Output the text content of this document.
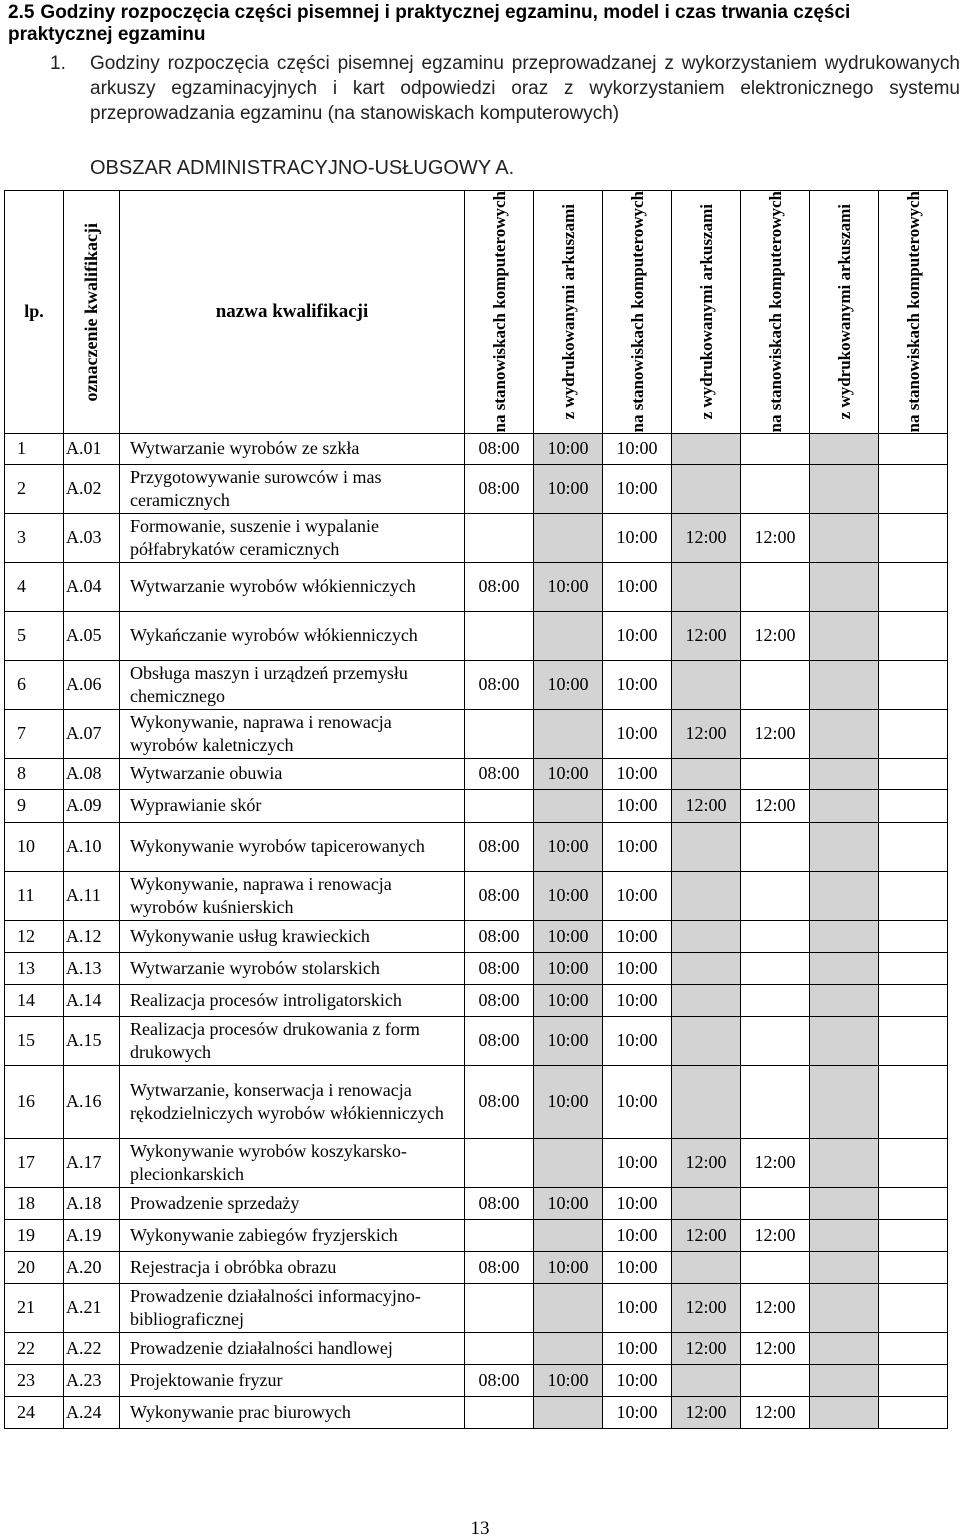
2.5 Godziny rozpoczęcia części pisemnej i praktycznej egzaminu, model i czas trwania części praktycznej egzaminu
1. Godziny rozpoczęcia części pisemnej egzaminu przeprowadzanej z wykorzystaniem wydrukowanych arkuszy egzaminacyjnych i kart odpowiedzi oraz z wykorzystaniem elektronicznego systemu przeprowadzania egzaminu (na stanowiskach komputerowych)
OBSZAR ADMINISTRACYJNO-USŁUGOWY A.
lp.	oznaczenie kwalifikacji	nazwa kwalifikacji	na stanowiskach komputerowych	z wydrukowanymi arkuszami	na stanowiskach komputerowych	z wydrukowanymi arkuszami	na stanowiskach komputerowych	z wydrukowanymi arkuszami	na stanowiskach komputerowych

1	A.01	Wytwarzanie wyrobów ze szkła	08:00	10:00	10:00				
2	A.02	Przygotowywanie surowców i mas ceramicznych	08:00	10:00	10:00				
3	A.03	Formowanie, suszenie i wypalanie półfabrykatów ceramicznych			10:00	12:00	12:00		
4	A.04	Wytwarzanie wyrobów włókienniczych	08:00	10:00	10:00				
5	A.05	Wykańczanie wyrobów włókienniczych			10:00	12:00	12:00		
6	A.06	Obsługa maszyn i urządzeń przemysłu chemicznego	08:00	10:00	10:00				
7	A.07	Wykonywanie, naprawa i renowacja wyrobów kaletniczych			10:00	12:00	12:00		
8	A.08	Wytwarzanie obuwia	08:00	10:00	10:00				
9	A.09	Wyprawianie skór			10:00	12:00	12:00		
10	A.10	Wykonywanie wyrobów tapicerowanych	08:00	10:00	10:00				
11	A.11	Wykonywanie, naprawa i renowacja wyrobów kuśnierskich	08:00	10:00	10:00				
12	A.12	Wykonywanie usług krawieckich	08:00	10:00	10:00				
13	A.13	Wytwarzanie wyrobów stolarskich	08:00	10:00	10:00				
14	A.14	Realizacja procesów introligatorskich	08:00	10:00	10:00				
15	A.15	Realizacja procesów drukowania z form drukowych	08:00	10:00	10:00				
16	A.16	Wytwarzanie, konserwacja i renowacja rękodzielniczych wyrobów włókienniczych	08:00	10:00	10:00				
17	A.17	Wykonywanie wyrobów koszykarsko-plecionkarskich			10:00	12:00	12:00		
18	A.18	Prowadzenie sprzedaży	08:00	10:00	10:00				
19	A.19	Wykonywanie zabiegów fryzjerskich			10:00	12:00	12:00		
20	A.20	Rejestracja i obróbka obrazu	08:00	10:00	10:00				
21	A.21	Prowadzenie działalności informacyjno-bibliograficznej			10:00	12:00	12:00		
22	A.22	Prowadzenie działalności handlowej			10:00	12:00	12:00		
23	A.23	Projektowanie fryzur	08:00	10:00	10:00				
24	A.24	Wykonywanie prac biurowych			10:00	12:00	12:00		
13
